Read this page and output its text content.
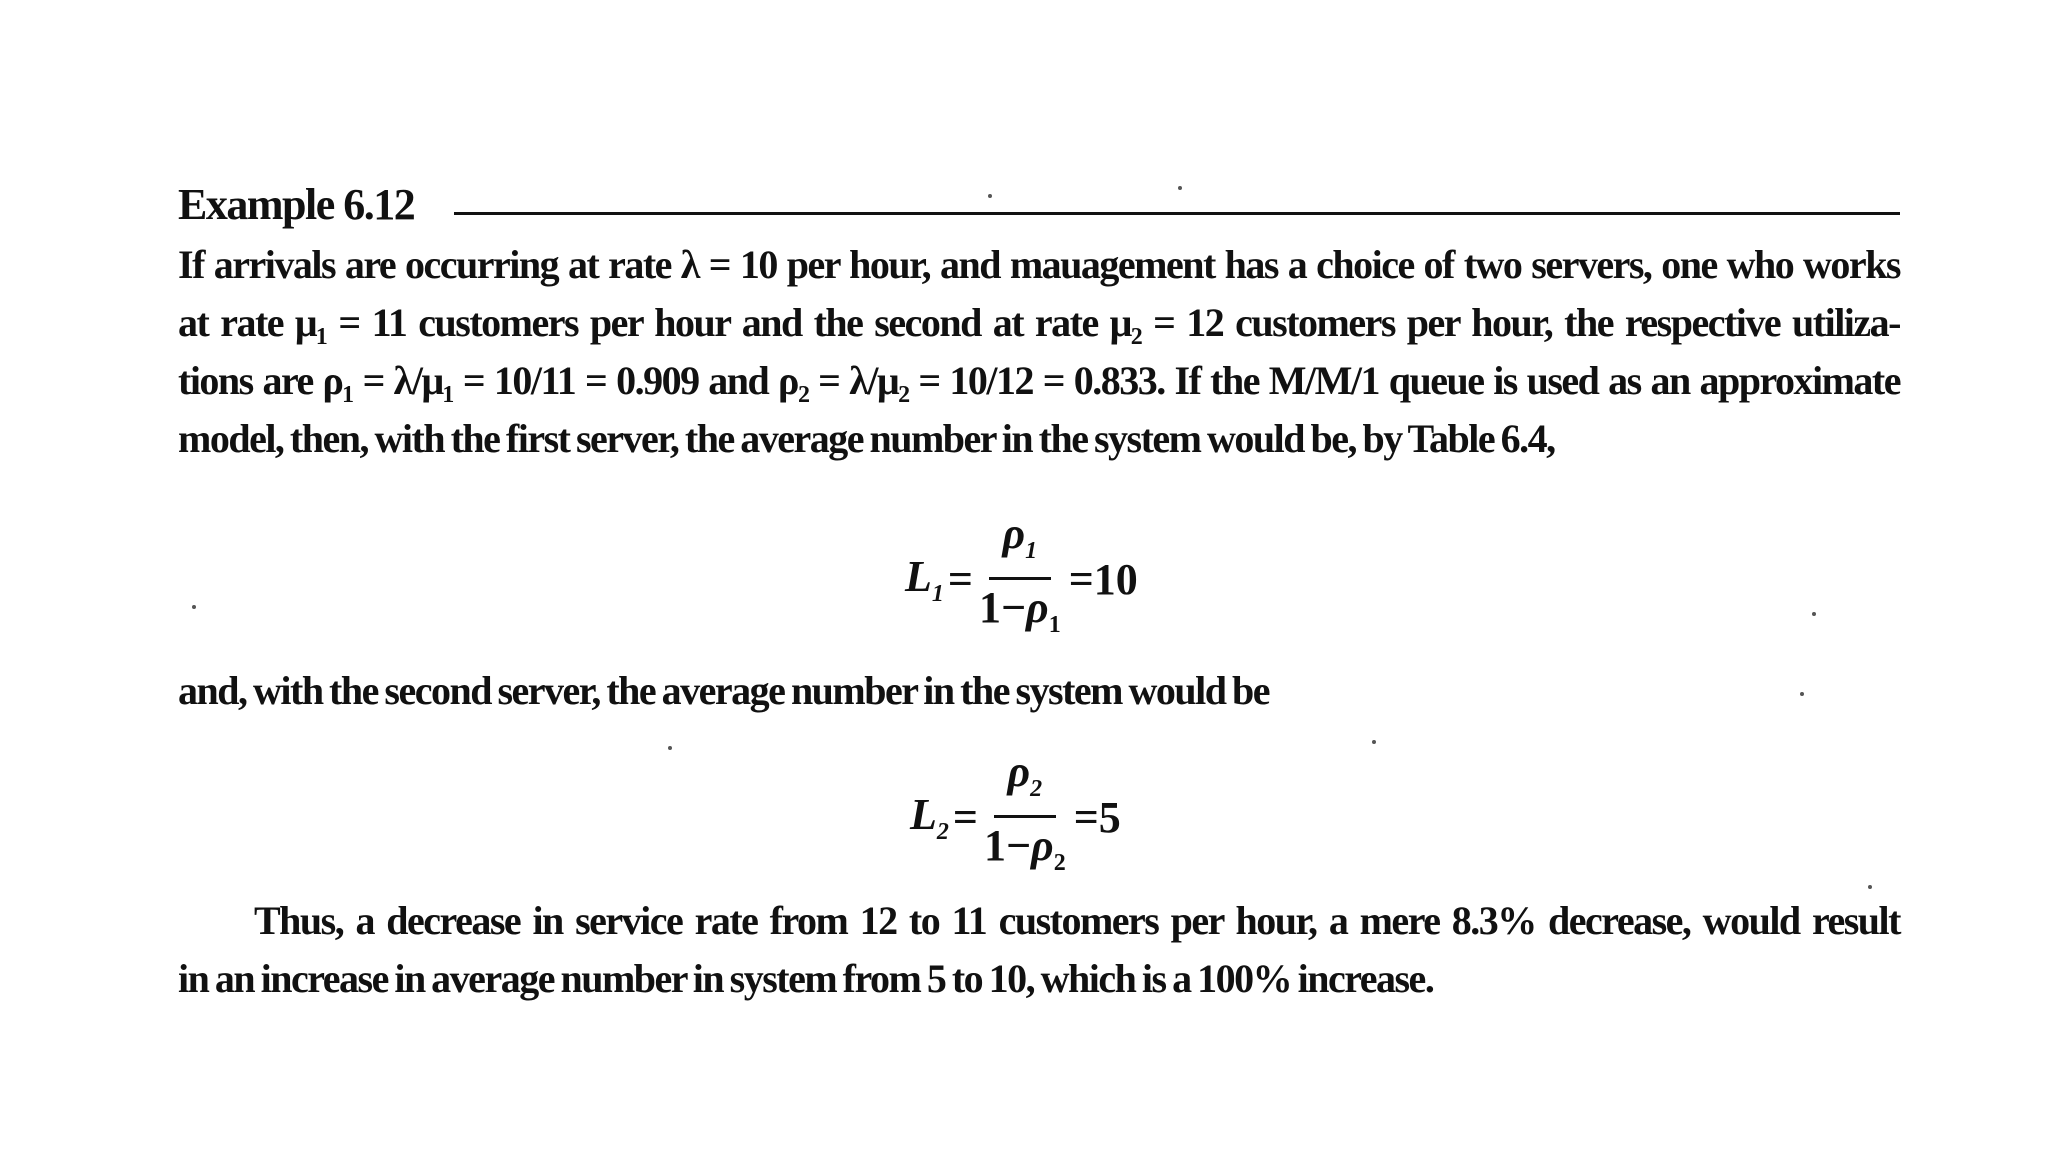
Example 6.12
If arrivals are occurring at rate λ = 10 per hour, and mauagement has a choice of two servers, one who works
at rate μ₁ = 11 customers per hour and the second at rate μ₂ = 12 customers per hour, the respective utiliza-
tions are ρ₁ = λ/μ₁ = 10/11 = 0.909 and ρ₂ = λ/μ₂ = 10/12 = 0.833. If the M/M/1 queue is used as an approximate
model, then, with the first server, the average number in the system would be, by Table 6.4,
$L_1 = \frac{\rho_1}{1-\rho_1} =10$
and, with the second server, the average number in the system would be
$L_2 = \frac{\rho_2}{1-\rho_2} =5$
Thus, a decrease in service rate from 12 to 11 customers per hour, a mere 8.3% decrease, would result
in an increase in average number in system from 5 to 10, which is a 100% increase.
